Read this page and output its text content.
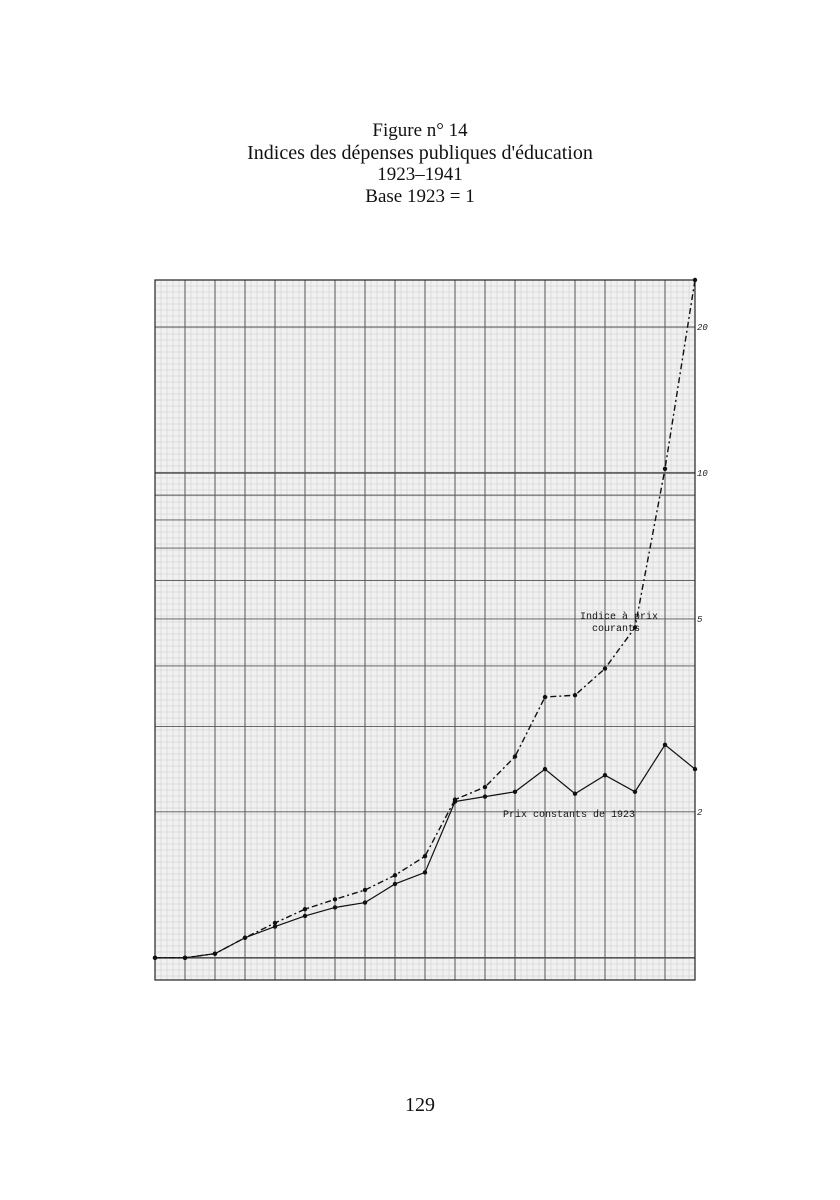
Figure n° 14
Indices des dépenses publiques d'éducation
1923–1941
Base 1923 = 1
2
5
10
20
Indice à prix
courants
Prix constants de 1923
129
